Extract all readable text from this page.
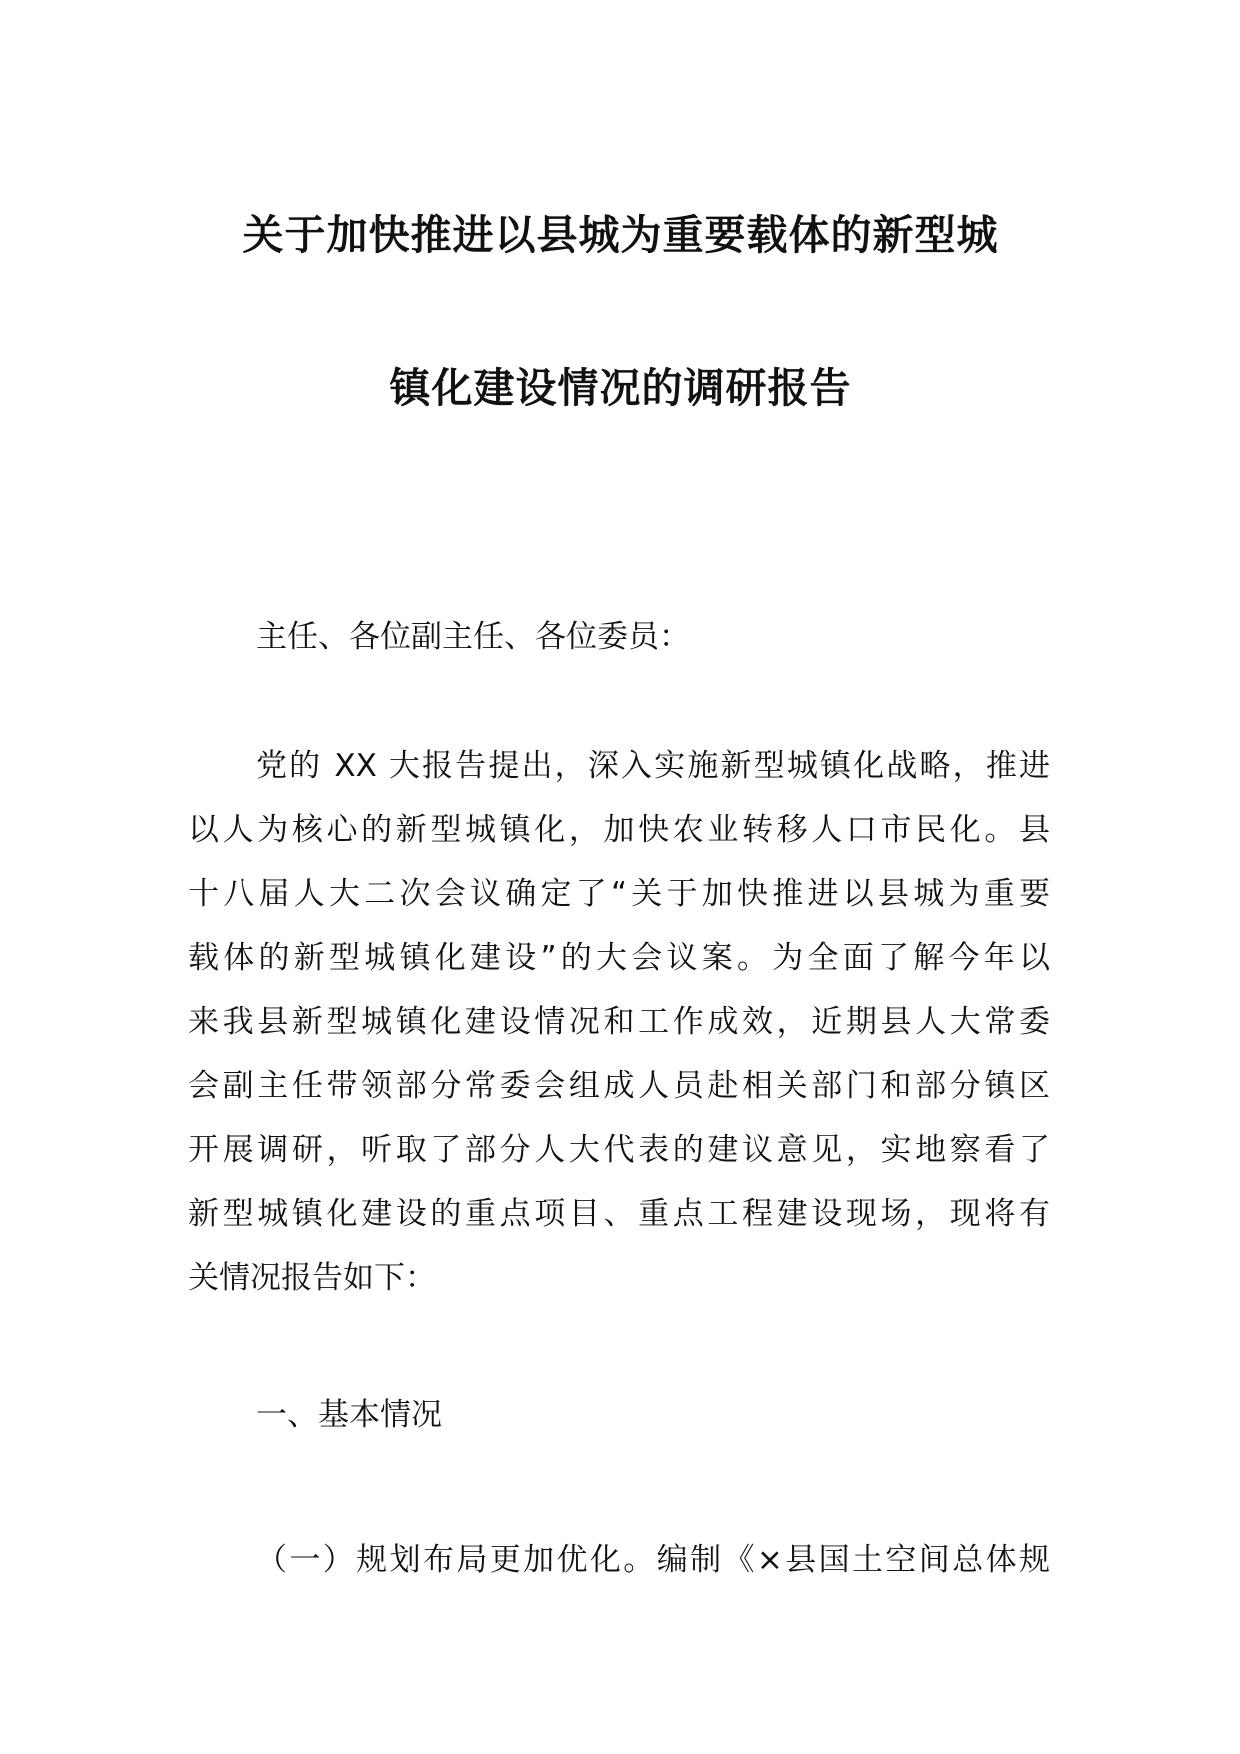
关于加快推进以县城为重要载体的新型城
镇化建设情况的调研报告
主任、各位副主任、各位委员：
党的 XX 大报告提出，深入实施新型城镇化战略，推进
以人为核心的新型城镇化，加快农业转移人口市民化。县
十八届人大二次会议确定了“关于加快推进以县城为重要
载体的新型城镇化建设”的大会议案。为全面了解今年以
来我县新型城镇化建设情况和工作成效，近期县人大常委
会副主任带领部分常委会组成人员赴相关部门和部分镇区
开展调研，听取了部分人大代表的建议意见，实地察看了
新型城镇化建设的重点项目、重点工程建设现场，现将有
关情况报告如下：
一、基本情况
（一）规划布局更加优化。编制《×县国土空间总体规
